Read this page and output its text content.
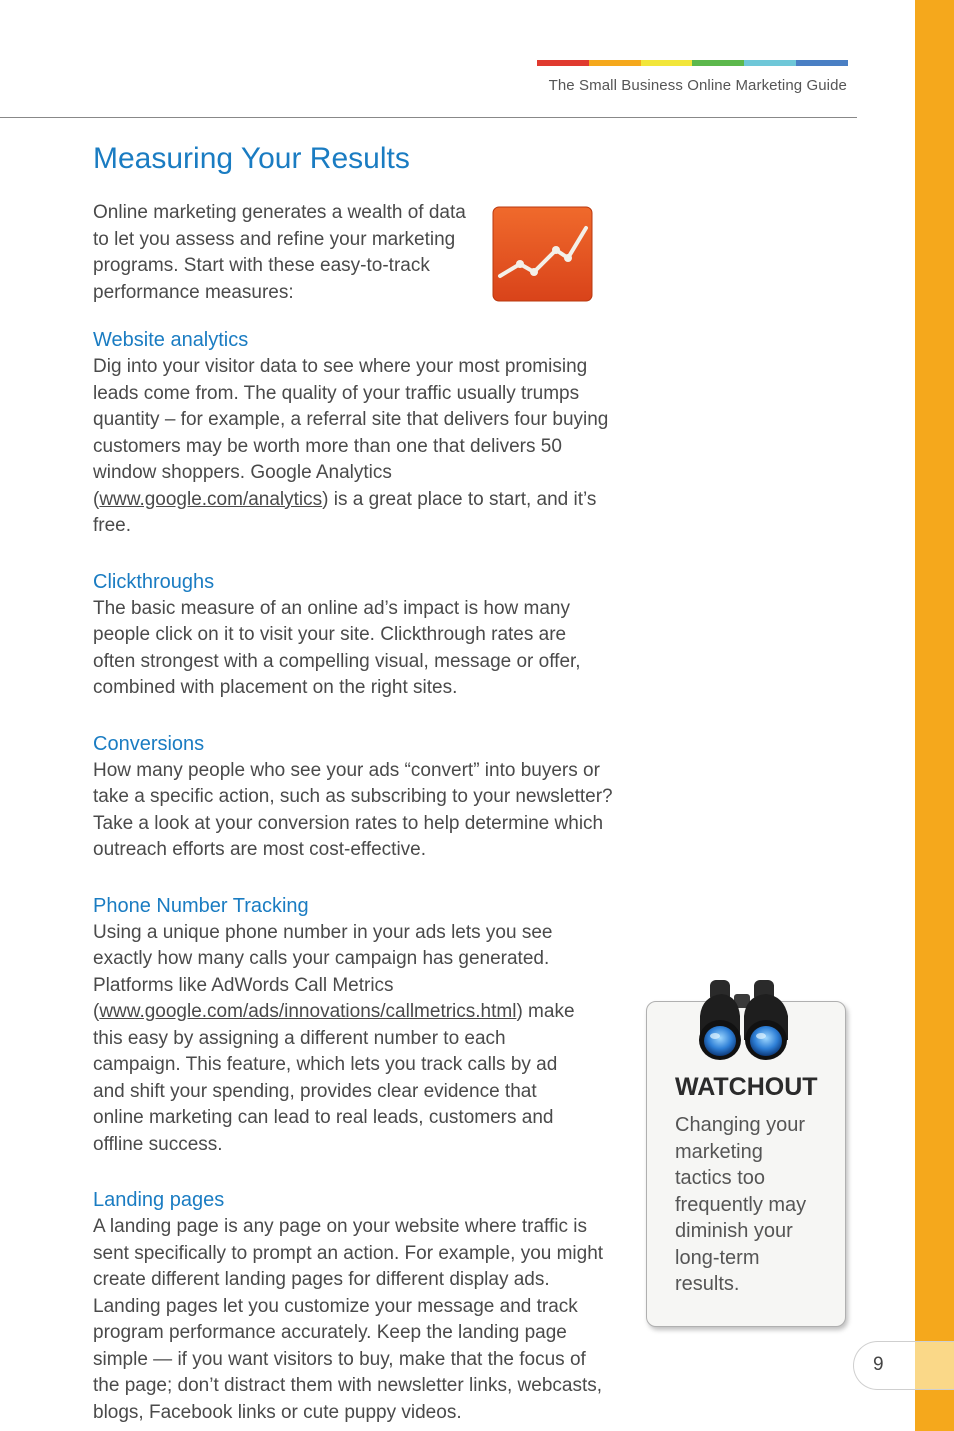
The Small Business Online Marketing Guide
Measuring Your Results

Online marketing generates a wealth of data to let you assess and refine your marketing programs. Start with these easy-to-track performance measures:

Website analytics

Dig into your visitor data to see where your most promising leads come from. The quality of your traffic usually trumps quantity – for example, a referral site that delivers four buying customers may be worth more than one that delivers 50 window shoppers. Google Analytics (www.google.com/analytics) is a great place to start, and it’s free.

Clickthroughs

The basic measure of an online ad’s impact is how many people click on it to visit your site. Clickthrough rates are often strongest with a compelling visual, message or offer, combined with placement on the right sites.

Conversions

How many people who see your ads “convert” into buyers or take a specific action, such as subscribing to your newsletter? Take a look at your conversion rates to help determine which outreach efforts are most cost-effective.

Phone Number Tracking

Using a unique phone number in your ads lets you see exactly how many calls your campaign has generated. Platforms like AdWords Call Metrics (www.google.com/ads/innovations/callmetrics.html) make this easy by assigning a different number to each campaign. This feature, which lets you track calls by ad and shift your spending, provides clear evidence that online marketing can lead to real leads, customers and offline success.

Landing pages

A landing page is any page on your website where traffic is sent specifically to prompt an action. For example, you might create different landing pages for different display ads. Landing pages let you customize your message and track program performance accurately. Keep the landing page simple — if you want visitors to buy, make that the focus of the page; don’t distract them with newsletter links, webcasts, blogs, Facebook links or cute puppy videos.

WATCHOUT

Changing your marketing tactics too frequently may diminish your long-term results.

9
